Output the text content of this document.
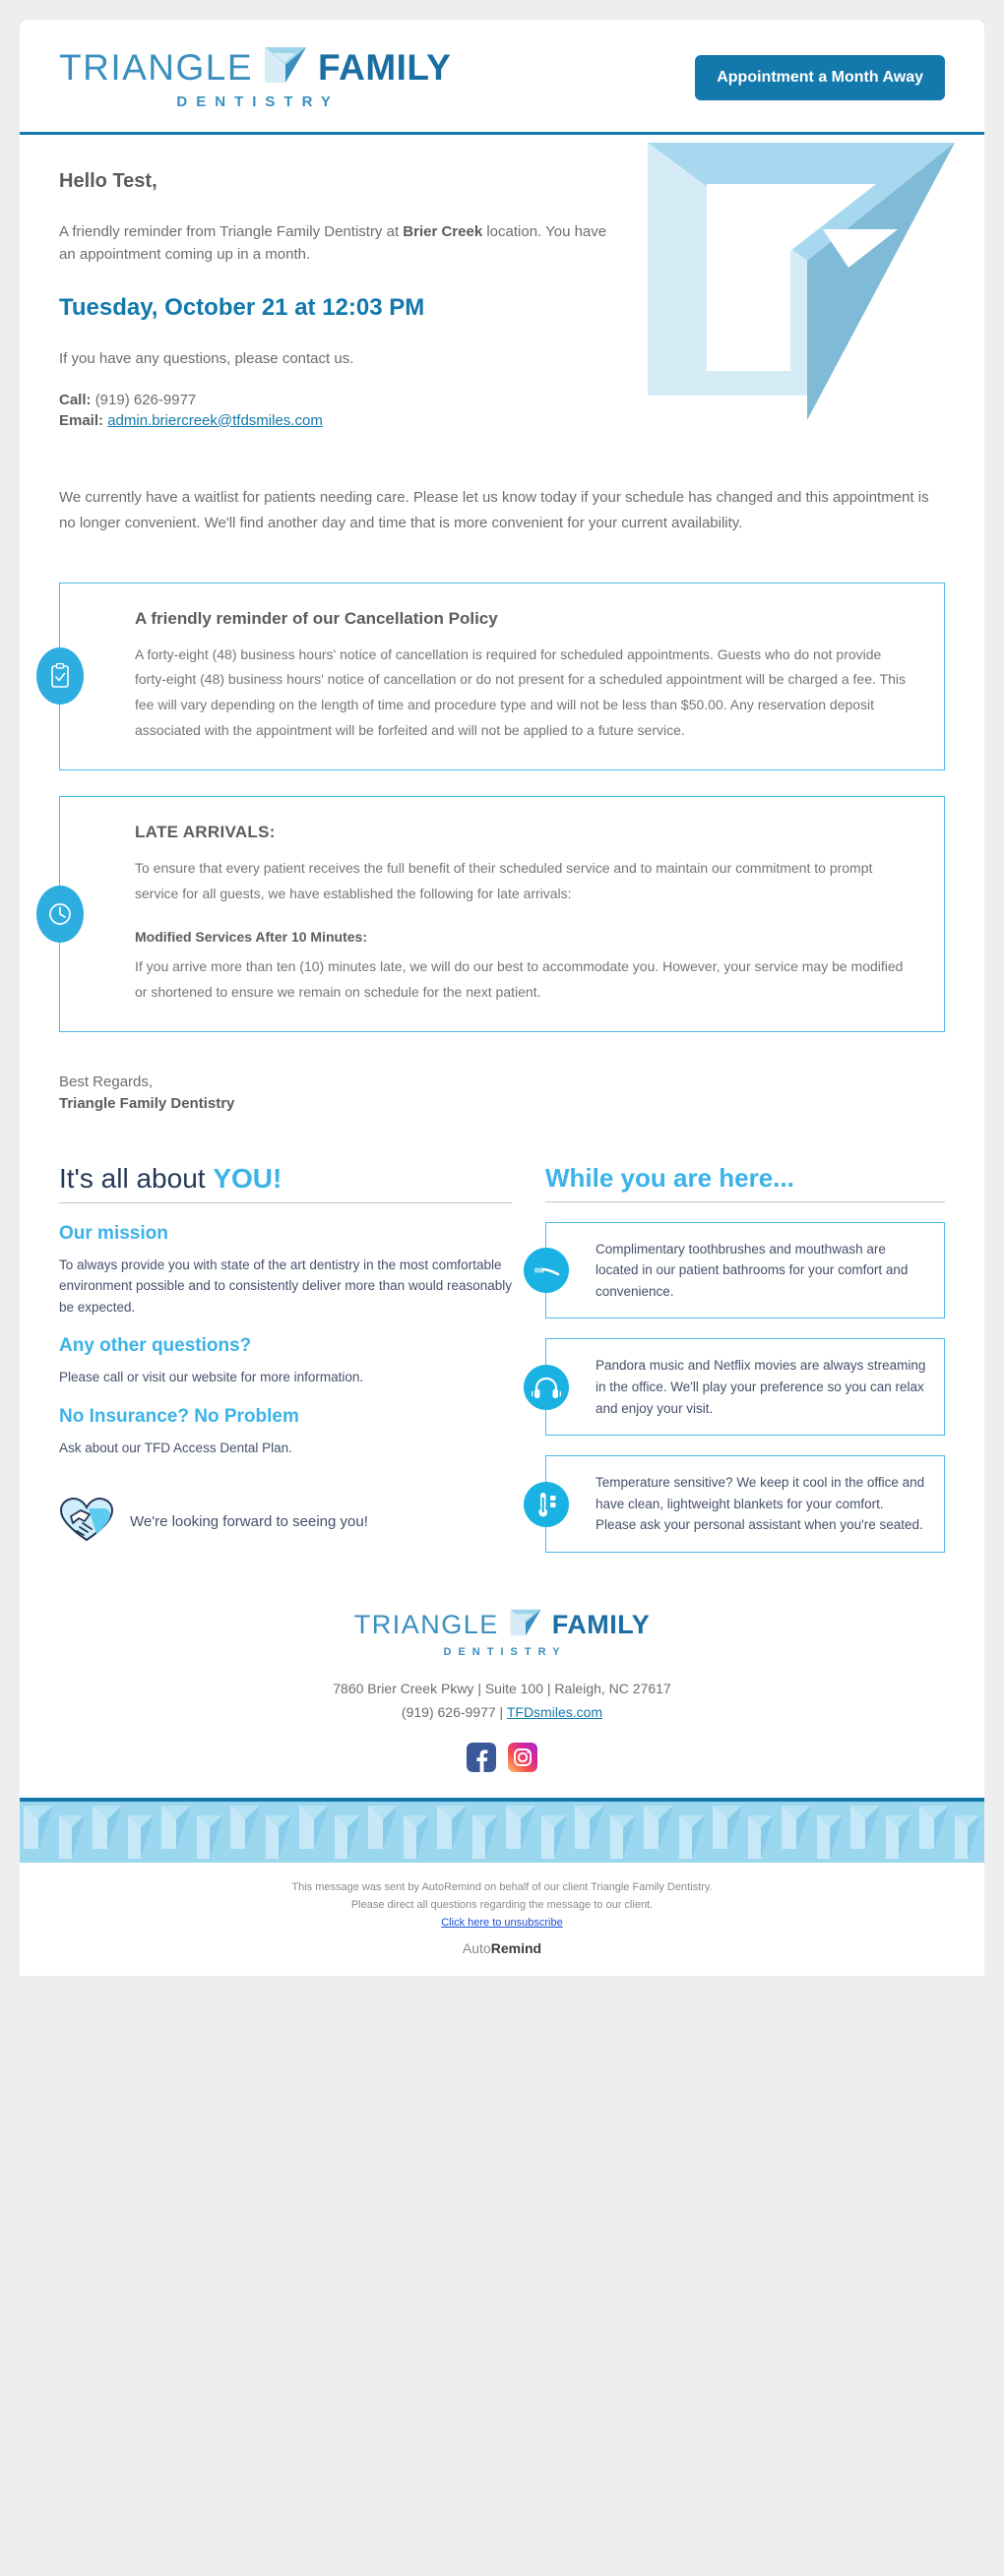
TRIANGLE FAMILY
DENTISTRY
Appointment a Month Away
Hello Test,

A friendly reminder from Triangle Family Dentistry at Brier Creek location. You have an appointment coming up in a month.

Tuesday, October 21 at 12:03 PM

If you have any questions, please contact us.

Call: (919) 626-9977
Email: admin.briercreek@tfdsmiles.com

We currently have a waitlist for patients needing care. Please let us know today if your schedule has changed and this appointment is no longer convenient. We'll find another day and time that is more convenient for your current availability.

A friendly reminder of our Cancellation Policy
A forty-eight (48) business hours' notice of cancellation is required for scheduled appointments. Guests who do not provide forty-eight (48) business hours' notice of cancellation or do not present for a scheduled appointment will be charged a fee. This fee will vary depending on the length of time and procedure type and will not be less than $50.00. Any reservation deposit associated with the appointment will be forfeited and will not be applied to a future service.
LATE ARRIVALS:
To ensure that every patient receives the full benefit of their scheduled service and to maintain our commitment to prompt service for all guests, we have established the following for late arrivals:
Modified Services After 10 Minutes:
If you arrive more than ten (10) minutes late, we will do our best to accommodate you. However, your service may be modified or shortened to ensure we remain on schedule for the next patient.
Best Regards,
Triangle Family Dentistry
It's all about YOU!
Our mission
To always provide you with state of the art dentistry in the most comfortable environment possible and to consistently deliver more than would reasonably be expected.
Any other questions?
Please call or visit our website for more information.
No Insurance? No Problem
Ask about our TFD Access Dental Plan.
We're looking forward to seeing you!
While you are here...
Complimentary toothbrushes and mouthwash are located in our patient bathrooms for your comfort and convenience.
Pandora music and Netflix movies are always streaming in the office. We'll play your preference so you can relax and enjoy your visit.
Temperature sensitive? We keep it cool in the office and have clean, lightweight blankets for your comfort. Please ask your personal assistant when you're seated.
TRIANGLE FAMILY
DENTISTRY
7860 Brier Creek Pkwy | Suite 100 | Raleigh, NC 27617
(919) 626-9977 | TFDsmiles.com
This message was sent by AutoRemind on behalf of our client Triangle Family Dentistry.
Please direct all questions regarding the message to our client.
Click here to unsubscribe
AutoRemind
